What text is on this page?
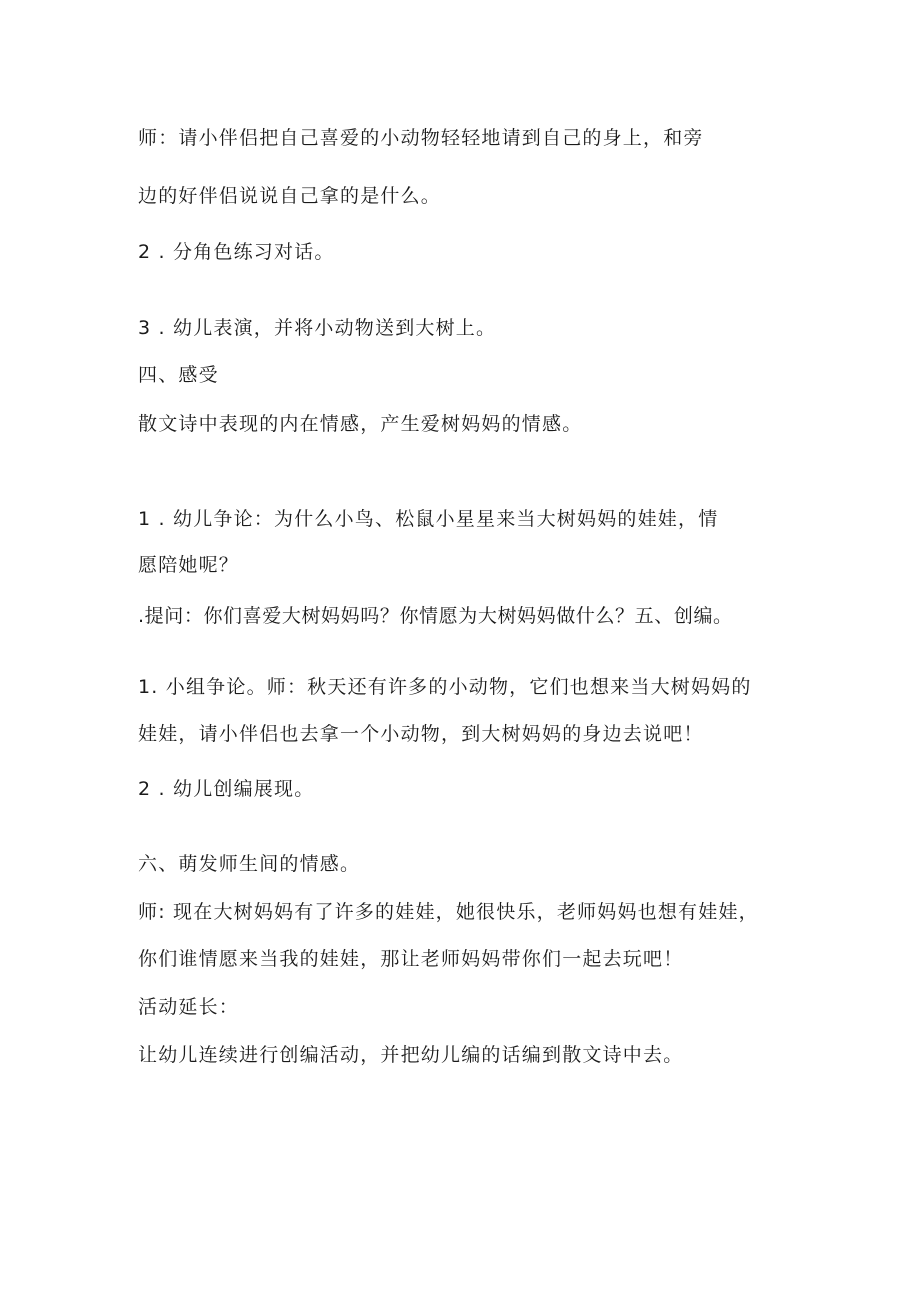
师：请小伴侣把自己喜爱的小动物轻轻地请到自己的身上，和旁
边的好伴侣说说自己拿的是什么。
2 . 分角色练习对话。
3 . 幼儿表演，并将小动物送到大树上。
四、感受
散文诗中表现的内在情感，产生爱树妈妈的情感。
1 . 幼儿争论：为什么小鸟、松鼠小星星来当大树妈妈的娃娃，情
愿陪她呢？
.提问：你们喜爱大树妈妈吗？你情愿为大树妈妈做什么？五、创编。
1. 小组争论。师：秋天还有许多的小动物，它们也想来当大树妈妈的
娃娃，请小伴侣也去拿一个小动物，到大树妈妈的身边去说吧！
2 . 幼儿创编展现。
六、萌发师生间的情感。
师: 现在大树妈妈有了许多的娃娃，她很快乐，老师妈妈也想有娃娃，
你们谁情愿来当我的娃娃，那让老师妈妈带你们一起去玩吧！
活动延长：
让幼儿连续进行创编活动，并把幼儿编的话编到散文诗中去。
